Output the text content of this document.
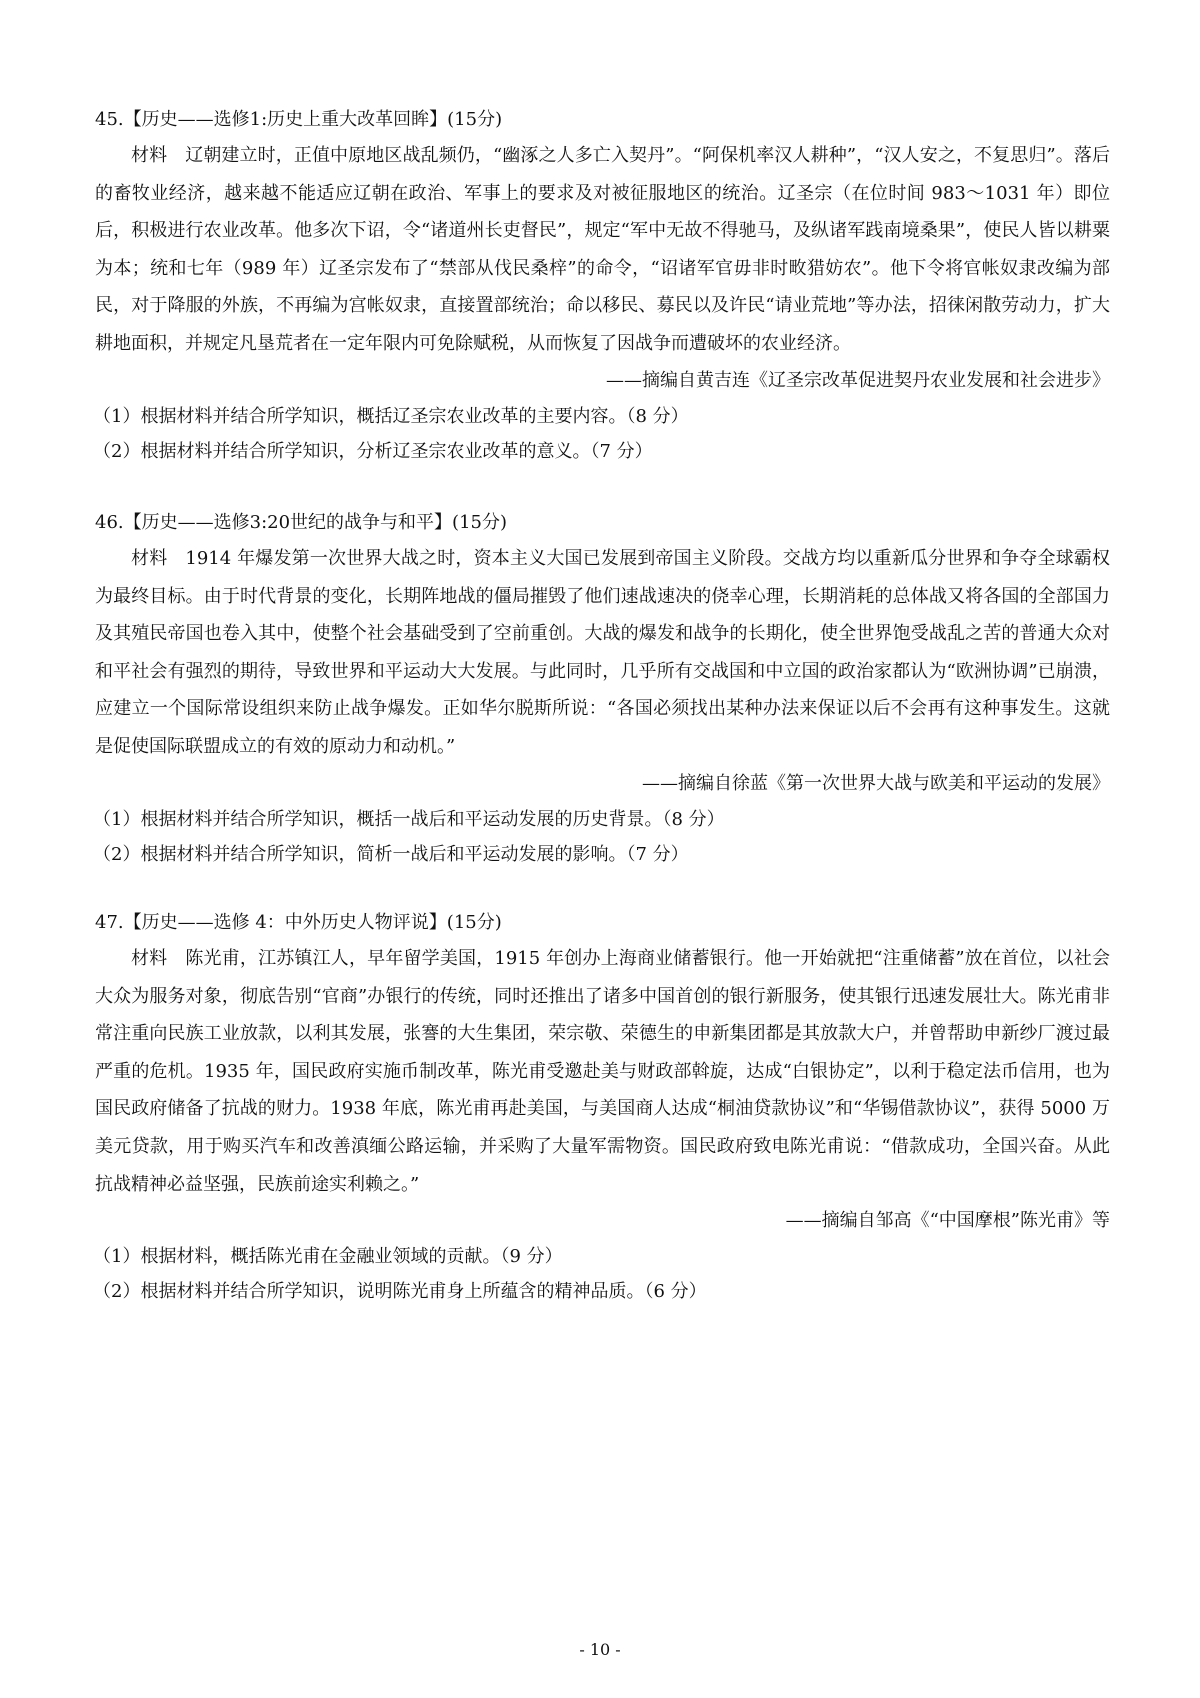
45.【历史——选修1:历史上重大改革回眸】(15分)

材料 辽朝建立时，正值中原地区战乱频仍，“幽涿之人多亡入契丹”。“阿保机率汉人耕种”，“汉人安之，不复思归”。落后的畜牧业经济，越来越不能适应辽朝在政治、军事上的要求及对被征服地区的统治。辽圣宗（在位时间 983～1031 年）即位后，积极进行农业改革。他多次下诏，令“诸道州长吏督民”，规定“军中无故不得驰马，及纵诸军践南境桑果”，使民人皆以耕粟为本；统和七年（989 年）辽圣宗发布了“禁部从伐民桑梓”的命令，“诏诸军官毋非时畋猎妨农”。他下令将官帐奴隶改编为部民，对于降服的外族，不再编为宫帐奴隶，直接置部统治；命以移民、募民以及许民“请业荒地”等办法，招徕闲散劳动力，扩大耕地面积，并规定凡垦荒者在一定年限内可免除赋税，从而恢复了因战争而遭破坏的农业经济。

——摘编自黄吉连《辽圣宗改革促进契丹农业发展和社会进步》
（1）根据材料并结合所学知识，概括辽圣宗农业改革的主要内容。（8 分）
（2）根据材料并结合所学知识，分析辽圣宗农业改革的意义。（7 分）
46.【历史——选修3:20世纪的战争与和平】(15分)

材料 1914 年爆发第一次世界大战之时，资本主义大国已发展到帝国主义阶段。交战方均以重新瓜分世界和争夺全球霸权为最终目标。由于时代背景的变化，长期阵地战的僵局摧毁了他们速战速决的侥幸心理，长期消耗的总体战又将各国的全部国力及其殖民帝国也卷入其中，使整个社会基础受到了空前重创。大战的爆发和战争的长期化，使全世界饱受战乱之苦的普通大众对和平社会有强烈的期待，导致世界和平运动大大发展。与此同时，几乎所有交战国和中立国的政治家都认为“欧洲协调”已崩溃，应建立一个国际常设组织来防止战争爆发。正如华尔脱斯所说：“各国必须找出某种办法来保证以后不会再有这种事发生。这就是促使国际联盟成立的有效的原动力和动机。”

——摘编自徐蓝《第一次世界大战与欧美和平运动的发展》
（1）根据材料并结合所学知识，概括一战后和平运动发展的历史背景。（8 分）
（2）根据材料并结合所学知识，简析一战后和平运动发展的影响。（7 分）
47.【历史——选修 4：中外历史人物评说】(15分)

材料 陈光甫，江苏镇江人，早年留学美国，1915 年创办上海商业储蓄银行。他一开始就把“注重储蓄”放在首位，以社会大众为服务对象，彻底告别“官商”办银行的传统，同时还推出了诸多中国首创的银行新服务，使其银行迅速发展壮大。陈光甫非常注重向民族工业放款，以利其发展，张謇的大生集团，荣宗敬、荣德生的申新集团都是其放款大户，并曾帮助申新纱厂渡过最严重的危机。1935 年，国民政府实施币制改革，陈光甫受邀赴美与财政部斡旋，达成“白银协定”，以利于稳定法币信用，也为国民政府储备了抗战的财力。1938 年底，陈光甫再赴美国，与美国商人达成“桐油贷款协议”和“华锡借款协议”，获得 5000 万美元贷款，用于购买汽车和改善滇缅公路运输，并采购了大量军需物资。国民政府致电陈光甫说：“借款成功，全国兴奋。从此抗战精神必益坚强，民族前途实利赖之。”

——摘编自邹高《“中国摩根”陈光甫》等
（1）根据材料，概括陈光甫在金融业领域的贡献。（9 分）
（2）根据材料并结合所学知识，说明陈光甫身上所蕴含的精神品质。（6 分）
- 10 -
